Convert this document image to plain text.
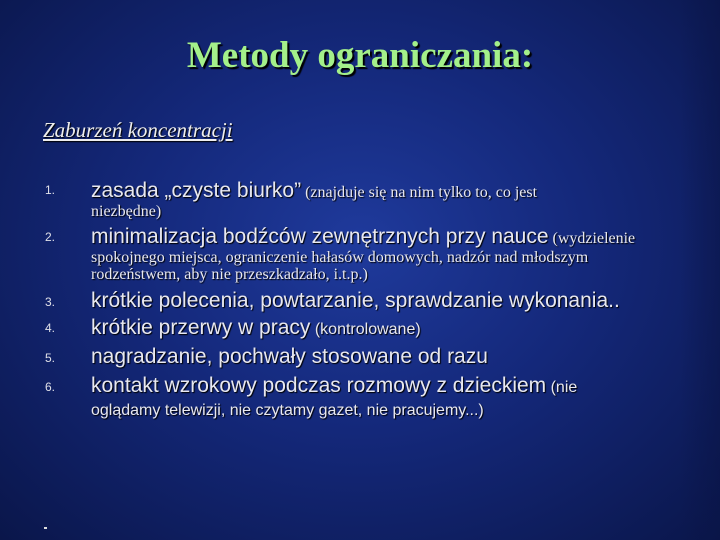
Metody ograniczania:
Zaburzeń koncentracji
1. zasada „czyste biurko” (znajduje się na nim tylko to, co jest
niezbędne)
2. minimalizacja bodźców zewnętrznych przy nauce (wydzielenie
spokojnego miejsca, ograniczenie hałasów domowych, nadzór nad młodszym
rodzeństwem, aby nie przeszkadzało, i.t.p.)
3. krótkie polecenia, powtarzanie, sprawdzanie wykonania..
4. krótkie przerwy w pracy (kontrolowane)
5. nagradzanie, pochwały stosowane od razu
6. kontakt wzrokowy podczas rozmowy z dzieckiem (nie
oglądamy telewizji, nie czytamy gazet, nie pracujemy...)
